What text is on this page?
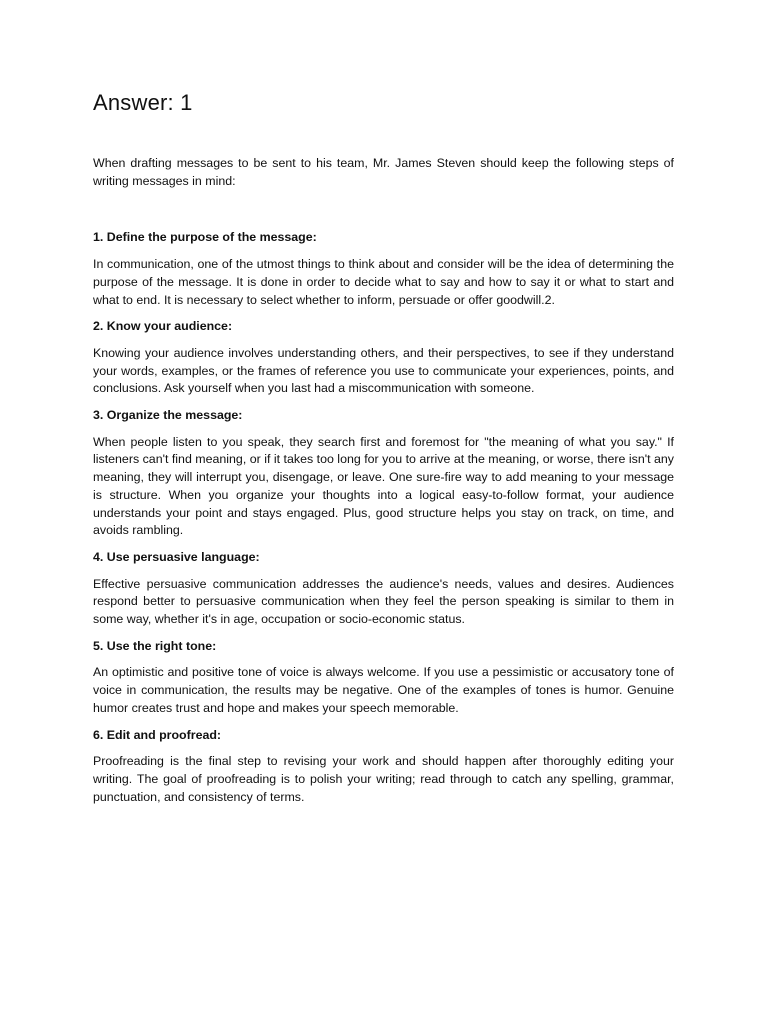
Answer: 1

When drafting messages to be sent to his team, Mr. James Steven should keep the following steps of writing messages in mind:

1. Define the purpose of the message:

In communication, one of the utmost things to think about and consider will be the idea of determining the purpose of the message. It is done in order to decide what to say and how to say it or what to start and what to end. It is necessary to select whether to inform, persuade or offer goodwill.2.

2. Know your audience:

Knowing your audience involves understanding others, and their perspectives, to see if they understand your words, examples, or the frames of reference you use to communicate your experiences, points, and conclusions. Ask yourself when you last had a miscommunication with someone.

3. Organize the message:

When people listen to you speak, they search first and foremost for "the meaning of what you say." If listeners can't find meaning, or if it takes too long for you to arrive at the meaning, or worse, there isn't any meaning, they will interrupt you, disengage, or leave. One sure-fire way to add meaning to your message is structure. When you organize your thoughts into a logical easy-to-follow format, your audience understands your point and stays engaged. Plus, good structure helps you stay on track, on time, and avoids rambling.

4. Use persuasive language:

Effective persuasive communication addresses the audience's needs, values and desires. Audiences respond better to persuasive communication when they feel the person speaking is similar to them in some way, whether it's in age, occupation or socio-economic status.

5. Use the right tone:

An optimistic and positive tone of voice is always welcome. If you use a pessimistic or accusatory tone of voice in communication, the results may be negative. One of the examples of tones is humor. Genuine humor creates trust and hope and makes your speech memorable.

6. Edit and proofread:

Proofreading is the final step to revising your work and should happen after thoroughly editing your writing. The goal of proofreading is to polish your writing; read through to catch any spelling, grammar, punctuation, and consistency of terms.
